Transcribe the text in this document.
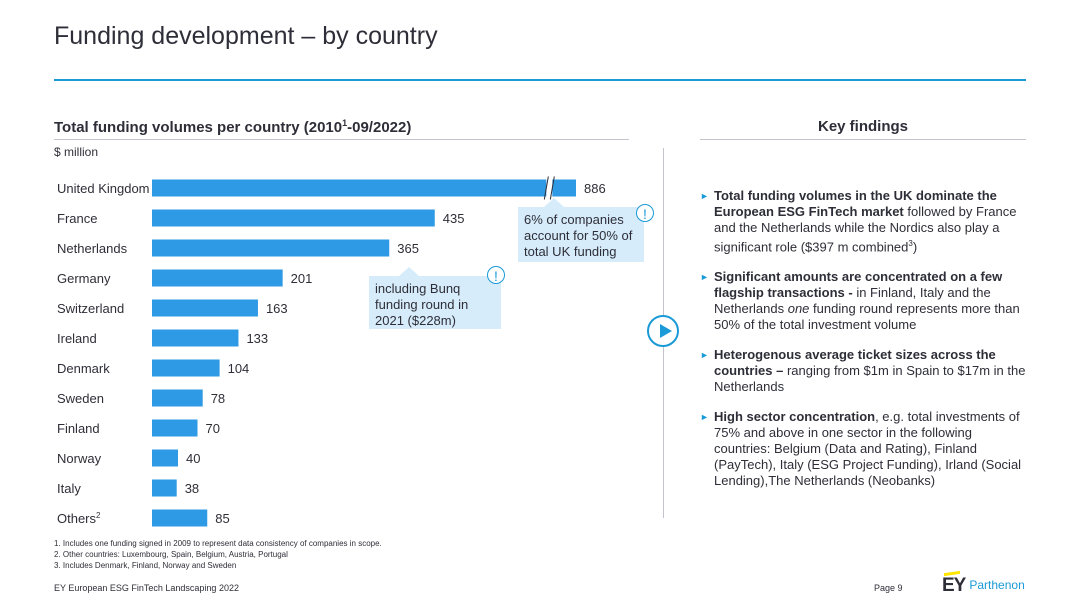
Funding development – by country
Total funding volumes per country (2010$^1$-09/2022)
$ million
United Kingdom	886
France	435
Netherlands	365
Germany	201
Switzerland	163
Ireland	133
Denmark	104
Sweden	78
Finland	70
Norway	40
Italy	38
Others$^2$	85
6% of companies account for 50% of total UK funding
!
including Bunq funding round in 2021 ($228m)
!
Key findings
► Total funding volumes in the UK dominate the European ESG FinTech market followed by France and the Netherlands while the Nordics also play a significant role ($397 m combined$^3$)
► Significant amounts are concentrated on a few flagship transactions - in Finland, Italy and the Netherlands one funding round represents more than 50% of the total investment volume
► Heterogenous average ticket sizes across the countries – ranging from $1m in Spain to $17m in the Netherlands
► High sector concentration, e.g. total investments of 75% and above in one sector in the following countries: Belgium (Data and Rating), Finland (PayTech), Italy (ESG Project Funding), Irland (Social Lending),The Netherlands (Neobanks)
1. Includes one funding signed in 2009 to represent data consistency of companies in scope.
2. Other countries: Luxembourg, Spain, Belgium, Austria, Portugal
3. Includes Denmark, Finland, Norway and Sweden
EY European ESG FinTech Landscaping 2022	Page 9 EY Parthenon
